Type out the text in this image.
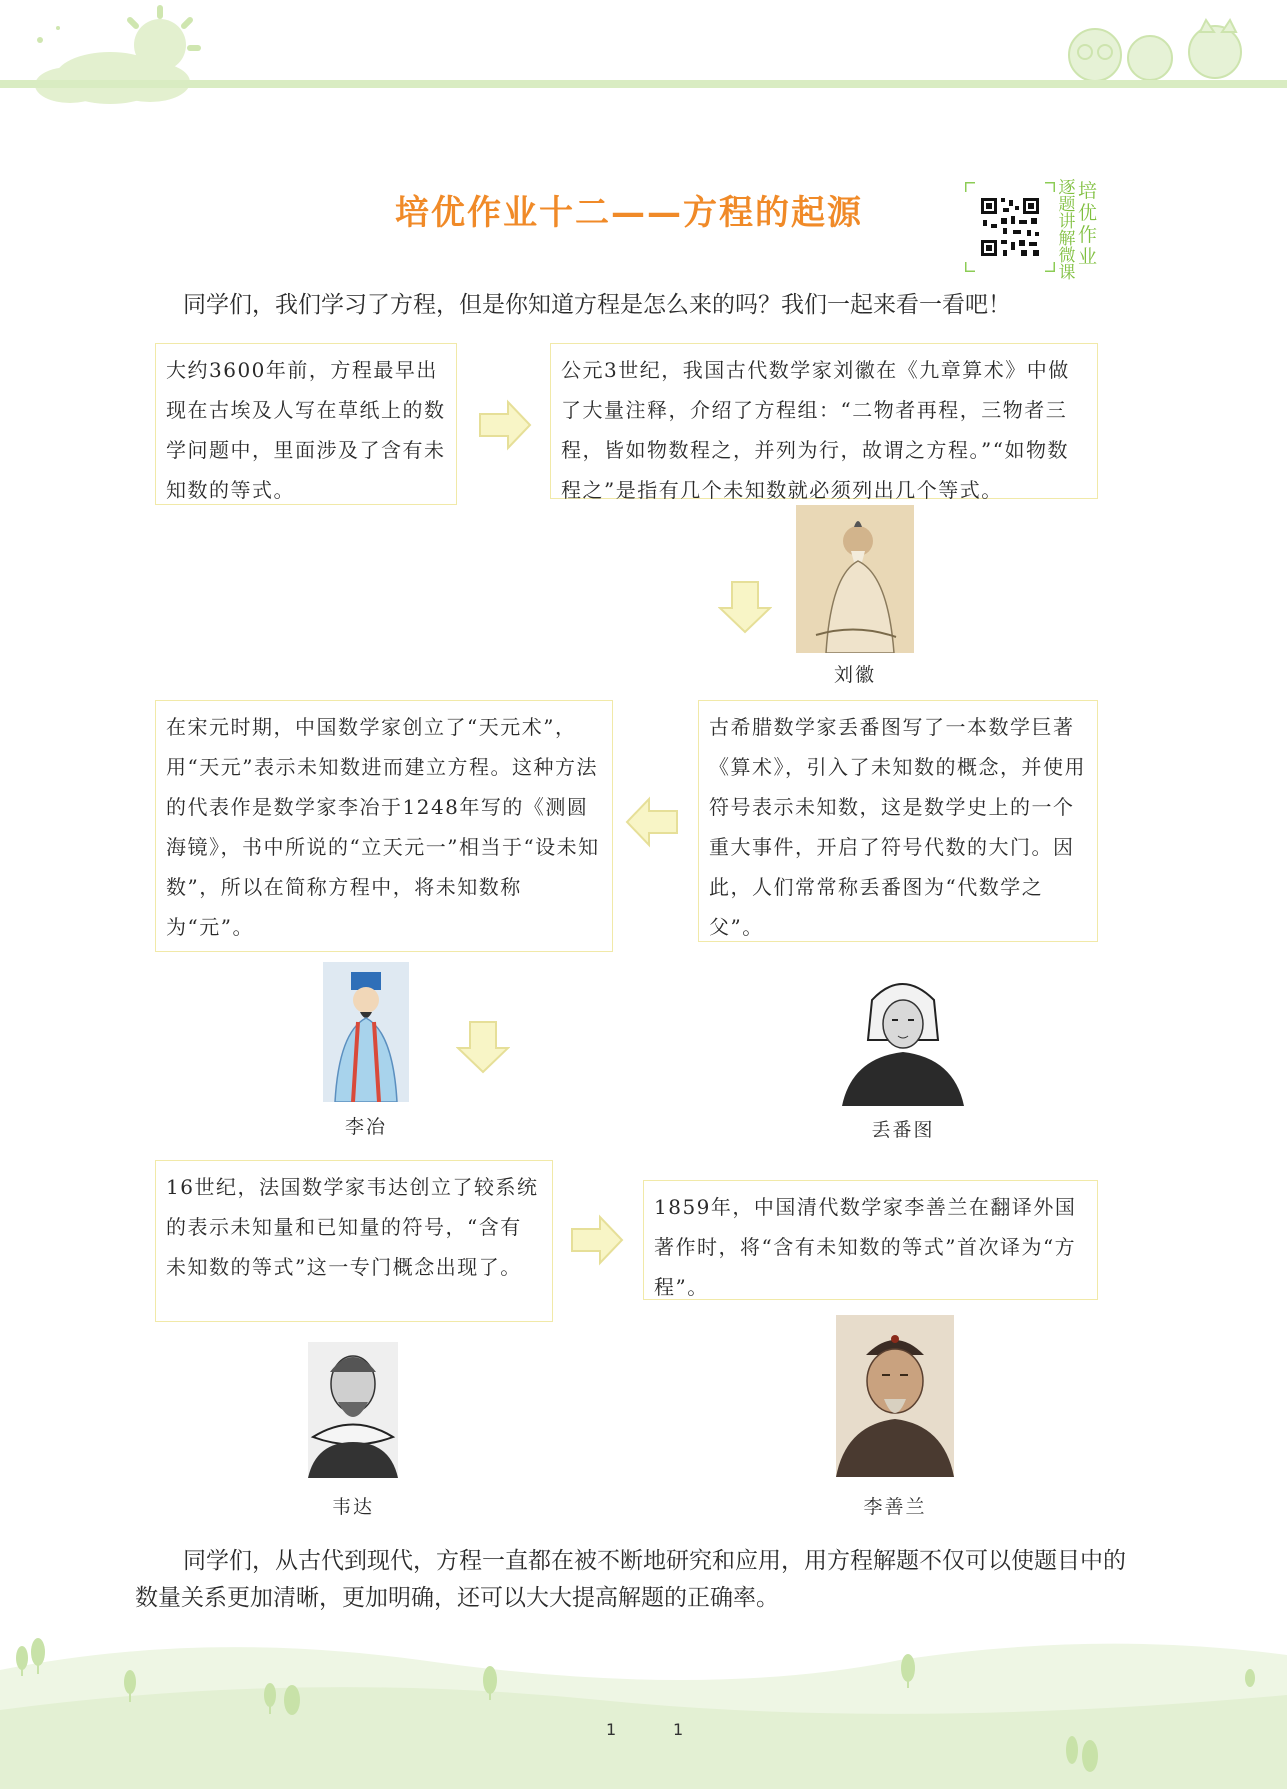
培优作业十二——方程的起源
逐题讲解微课
培优作业
同学们，我们学习了方程，但是你知道方程是怎么来的吗？我们一起来看一看吧！
大约3600年前，方程最早出现在古埃及人写在草纸上的数学问题中，里面涉及了含有未知数的等式。
公元3世纪，我国古代数学家刘徽在《九章算术》中做了大量注释，介绍了方程组：“二物者再程，三物者三程，皆如物数程之，并列为行，故谓之方程。”“如物数程之”是指有几个未知数就必须列出几个等式。
刘徽
在宋元时期，中国数学家创立了“天元术”，用“天元”表示未知数进而建立方程。这种方法的代表作是数学家李冶于1248年写的《测圆海镜》，书中所说的“立天元一”相当于“设未知数”，所以在简称方程中，将未知数称为“元”。
古希腊数学家丢番图写了一本数学巨著《算术》，引入了未知数的概念，并使用符号表示未知数，这是数学史上的一个重大事件，开启了符号代数的大门。因此，人们常常称丢番图为“代数学之父”。
李冶	丢番图
16世纪，法国数学家韦达创立了较系统的表示未知量和已知量的符号，“含有未知数的等式”这一专门概念出现了。
1859年，中国清代数学家李善兰在翻译外国著作时，将“含有未知数的等式”首次译为“方程”。
韦达	李善兰
同学们，从古代到现代，方程一直都在被不断地研究和应用，用方程解题不仅可以使题目中的数量关系更加清晰，更加明确，还可以大大提高解题的正确率。
1	1
